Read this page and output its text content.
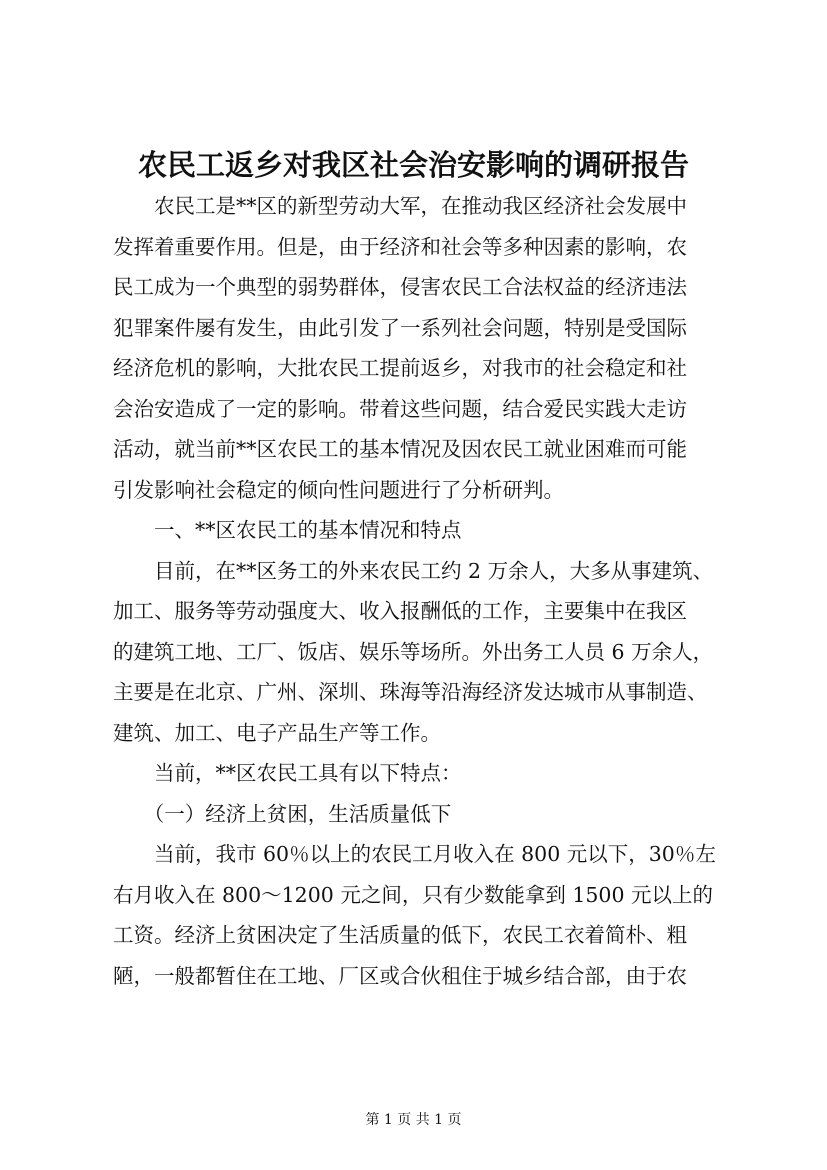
农民工返乡对我区社会治安影响的调研报告
　　农民工是**区的新型劳动大军，在推动我区经济社会发展中
发挥着重要作用。但是，由于经济和社会等多种因素的影响，农
民工成为一个典型的弱势群体，侵害农民工合法权益的经济违法
犯罪案件屡有发生，由此引发了一系列社会问题，特别是受国际
经济危机的影响，大批农民工提前返乡，对我市的社会稳定和社
会治安造成了一定的影响。带着这些问题，结合爱民实践大走访
活动，就当前**区农民工的基本情况及因农民工就业困难而可能
引发影响社会稳定的倾向性问题进行了分析研判。
　　一、**区农民工的基本情况和特点
　　目前，在**区务工的外来农民工约 2 万余人，大多从事建筑、
加工、服务等劳动强度大、收入报酬低的工作，主要集中在我区
的建筑工地、工厂、饭店、娱乐等场所。外出务工人员 6 万余人，
主要是在北京、广州、深圳、珠海等沿海经济发达城市从事制造、
建筑、加工、电子产品生产等工作。
　　当前，**区农民工具有以下特点：
　　（一）经济上贫困，生活质量低下
　　当前，我市 60％以上的农民工月收入在 800 元以下，30％左
右月收入在 800～1200 元之间，只有少数能拿到 1500 元以上的
工资。经济上贫困决定了生活质量的低下，农民工衣着简朴、粗
陋，一般都暂住在工地、厂区或合伙租住于城乡结合部，由于农
第 1 页 共 1 页
